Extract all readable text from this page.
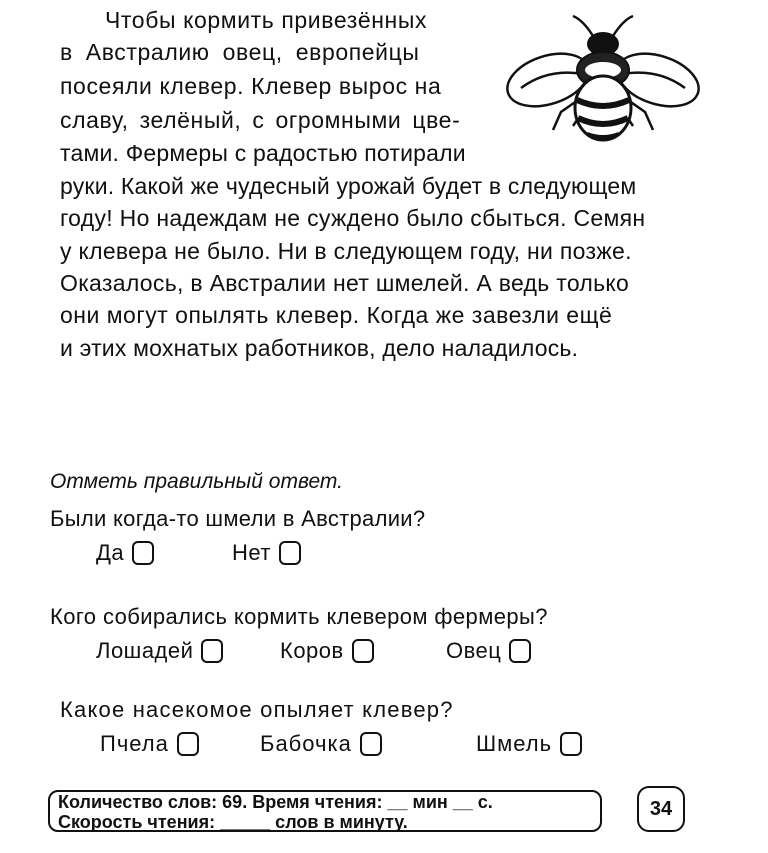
Чтобы кормить привезённых
в Австралию овец, европейцы
посеяли клевер. Клевер вырос на
славу, зелёный, с огромными цве-
тами. Фермеры с радостью потирали
руки. Какой же чудесный урожай будет в следующем
году! Но надеждам не суждено было сбыться. Семян
у клевера не было. Ни в следующем году, ни позже.
Оказалось, в Австралии нет шмелей. А ведь только
они могут опылять клевер. Когда же завезли ещё
и этих мохнатых работников, дело наладилось.
Отметь правильный ответ.
Были когда-то шмели в Австралии?
Да	Нет
Кого собирались кормить клевером фермеры?
Лошадей	Коров	Овец
Какое насекомое опыляет клевер?
Пчела	Бабочка	Шмель
Количество слов: 69. Время чтения: __ мин __ с.
Скорость чтения: _____ слов в минуту.
34
